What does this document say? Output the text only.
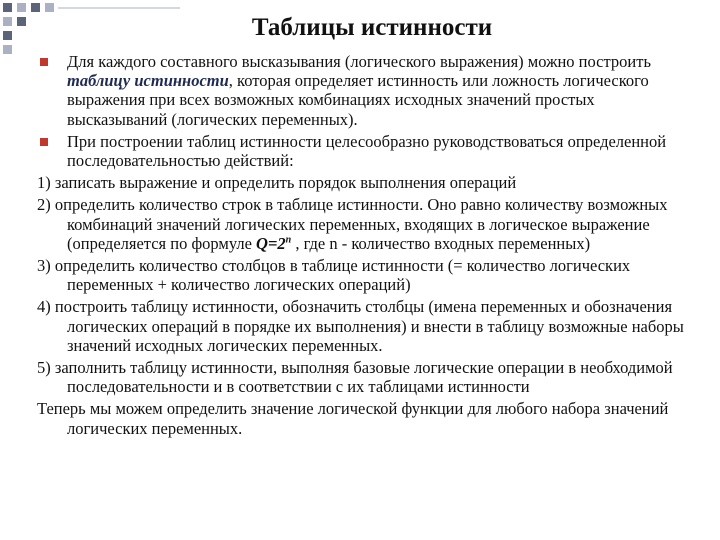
Таблицы истинности

Для каждого составного высказывания (логического выражения) можно построить таблицу истинности, которая определяет истинность или ложность логического выражения при всех возможных комбинациях исходных значений простых высказываний (логических переменных).

При построении таблиц истинности целесообразно руководствоваться определенной последовательностью действий:

1) записать выражение и определить порядок выполнения операций

2) определить количество строк в таблице истинности. Оно равно количеству возможных комбинаций значений логических переменных, входящих в логическое выражение (определяется по формуле $Q=2^n$ , где n - количество входных переменных)

3) определить количество столбцов в таблице истинности (= количество логических переменных + количество логических операций)

4) построить таблицу истинности, обозначить столбцы (имена переменных и обозначения логических операций в порядке их выполнения) и внести в таблицу возможные наборы значений исходных логических переменных.

5) заполнить таблицу истинности, выполняя базовые логические операции в необходимой последовательности и в соответствии с их таблицами истинности

Теперь мы можем определить значение логической функции для любого набора значений логических переменных.
